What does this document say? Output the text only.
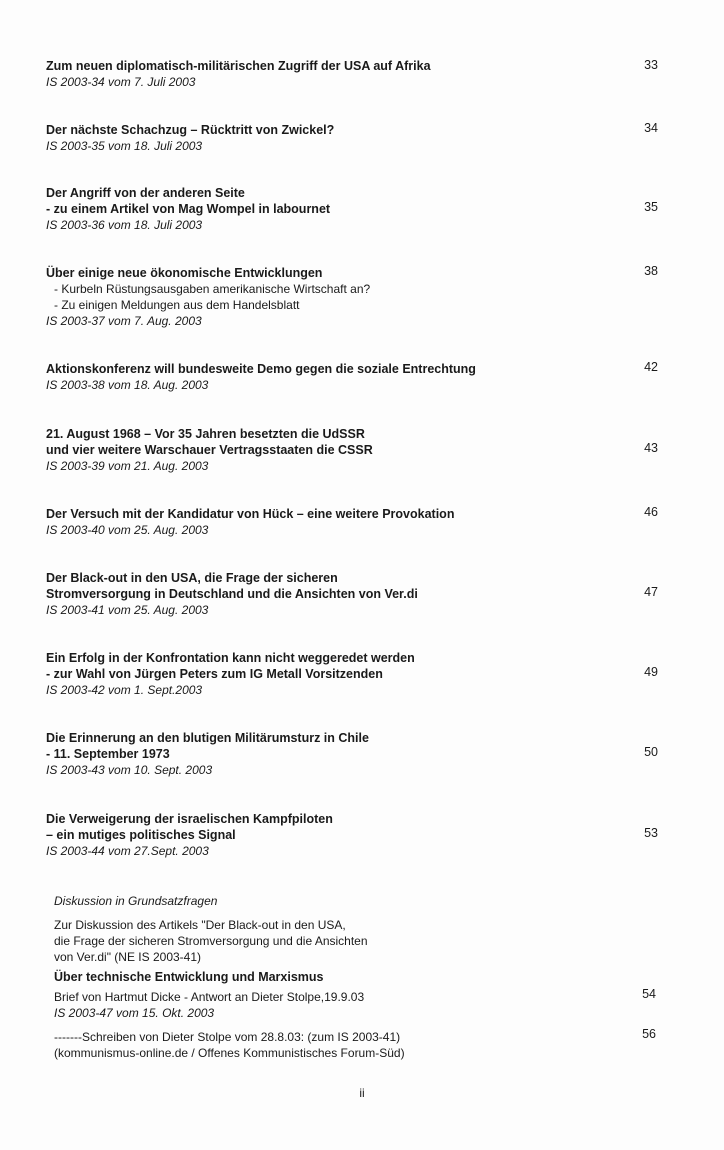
Zum neuen diplomatisch-militärischen Zugriff der USA auf Afrika
IS 2003-34 vom 7. Juli 2003
33
Der nächste Schachzug – Rücktritt von Zwickel?
IS 2003-35 vom 18. Juli 2003
34
Der Angriff von der anderen Seite
- zu einem Artikel von Mag Wompel in labournet
IS 2003-36 vom 18. Juli 2003
35
Über einige neue ökonomische Entwicklungen
- Kurbeln Rüstungsausgaben amerikanische Wirtschaft an?
- Zu einigen Meldungen aus dem Handelsblatt
IS 2003-37 vom 7. Aug. 2003
38
Aktionskonferenz will bundesweite Demo gegen die soziale Entrechtung
IS 2003-38 vom 18. Aug. 2003
42
21. August 1968 – Vor 35 Jahren besetzten die UdSSR
und vier weitere Warschauer Vertragsstaaten die CSSR
IS 2003-39 vom 21. Aug. 2003
43
Der Versuch mit der Kandidatur von Hück – eine weitere Provokation
IS 2003-40 vom 25. Aug. 2003
46
Der Black-out in den USA, die Frage der sicheren
Stromversorgung in Deutschland und die Ansichten von Ver.di
IS 2003-41 vom 25. Aug. 2003
47
Ein Erfolg in der Konfrontation kann nicht weggeredet werden
- zur Wahl von Jürgen Peters zum IG Metall Vorsitzenden
IS 2003-42 vom 1. Sept.2003
49
Die Erinnerung an den blutigen Militärumsturz in Chile
- 11. September 1973
IS 2003-43 vom 10. Sept. 2003
50
Die Verweigerung der israelischen Kampfpiloten
– ein mutiges politisches Signal
IS 2003-44 vom 27.Sept. 2003
53
Diskussion in Grundsatzfragen
Zur Diskussion des Artikels "Der Black-out in den USA,
die Frage der sicheren Stromversorgung und die Ansichten
von Ver.di" (NE IS 2003-41)
Über technische Entwicklung und Marxismus
Brief von Hartmut Dicke - Antwort an Dieter Stolpe,19.9.03
IS 2003-47 vom 15. Okt. 2003
-------Schreiben von Dieter Stolpe vom 28.8.03: (zum IS 2003-41)
(kommunismus-online.de / Offenes Kommunistisches Forum-Süd)
54
56
ii
